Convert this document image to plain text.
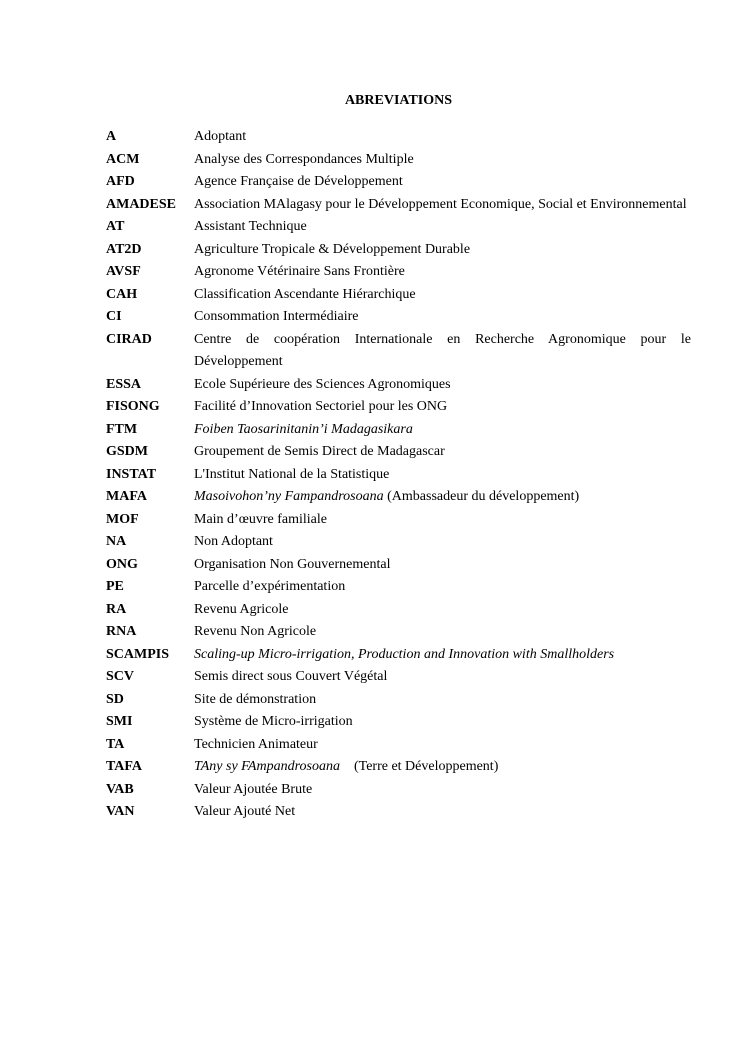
ABREVIATIONS
A	Adoptant
ACM	Analyse des Correspondances Multiple
AFD	Agence Française de Développement
AMADESE	Association MAlagasy pour le Développement Economique, Social et Environnemental
AT	Assistant Technique
AT2D	Agriculture Tropicale & Développement Durable
AVSF	Agronome Vétérinaire Sans Frontière
CAH	Classification Ascendante Hiérarchique
CI	Consommation Intermédiaire
CIRAD	Centre de coopération Internationale en Recherche Agronomique pour le Développement
ESSA	Ecole Supérieure des Sciences Agronomiques
FISONG	Facilité d’Innovation Sectoriel pour les ONG
FTM	Foiben Taosarinitanin’i Madagasikara
GSDM	Groupement de Semis Direct de Madagascar
INSTAT	L'Institut National de la Statistique
MAFA	Masoivohon’ny Fampandrosoana (Ambassadeur du développement)
MOF	Main d’œuvre familiale
NA	Non Adoptant
ONG	Organisation Non Gouvernemental
PE	Parcelle d’expérimentation
RA	Revenu Agricole
RNA	Revenu Non Agricole
SCAMPIS	Scaling-up Micro-irrigation, Production and Innovation with Smallholders
SCV	Semis direct sous Couvert Végétal
SD	Site de démonstration
SMI	Système de Micro-irrigation
TA	Technicien Animateur
TAFA	TAny sy FAmpandrosoana    (Terre et Développement)
VAB	Valeur Ajoutée Brute
VAN	Valeur Ajouté Net
